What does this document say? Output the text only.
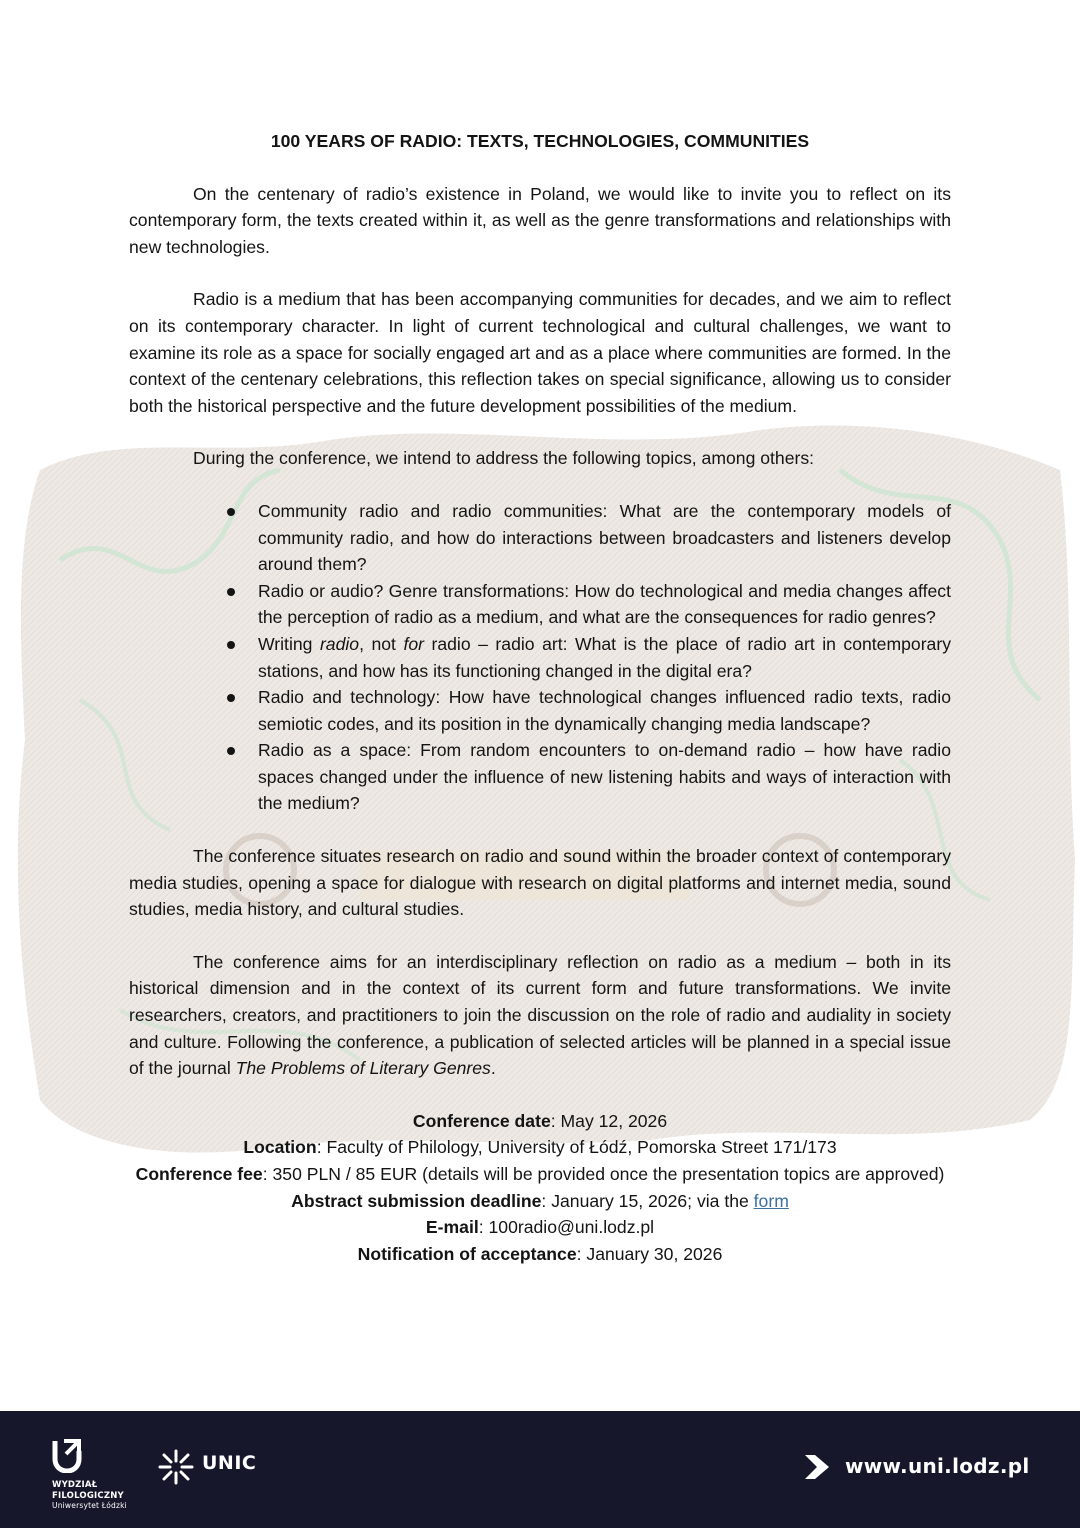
100 YEARS OF RADIO: TEXTS, TECHNOLOGIES, COMMUNITIES

On the centenary of radio’s existence in Poland, we would like to invite you to reflect on its contemporary form, the texts created within it, as well as the genre transformations and relationships with new technologies.

Radio is a medium that has been accompanying communities for decades, and we aim to reflect on its contemporary character. In light of current technological and cultural challenges, we want to examine its role as a space for socially engaged art and as a place where communities are formed. In the context of the centenary celebrations, this reflection takes on special significance, allowing us to consider both the historical perspective and the future development possibilities of the medium.

During the conference, we intend to address the following topics, among others:

Community radio and radio communities: What are the contemporary models of community radio, and how do interactions between broadcasters and listeners develop around them?
Radio or audio? Genre transformations: How do technological and media changes affect the perception of radio as a medium, and what are the consequences for radio genres?
Writing radio, not for radio – radio art: What is the place of radio art in contemporary stations, and how has its functioning changed in the digital era?
Radio and technology: How have technological changes influenced radio texts, radio semiotic codes, and its position in the dynamically changing media landscape?
Radio as a space: From random encounters to on-demand radio – how have radio spaces changed under the influence of new listening habits and ways of interaction with the medium?

The conference situates research on radio and sound within the broader context of contemporary media studies, opening a space for dialogue with research on digital platforms and internet media, sound studies, media history, and cultural studies.

The conference aims for an interdisciplinary reflection on radio as a medium – both in its historical dimension and in the context of its current form and future transformations. We invite researchers, creators, and practitioners to join the discussion on the role of radio and audiality in society and culture. Following the conference, a publication of selected articles will be planned in a special issue of the journal The Problems of Literary Genres.

Conference date: May 12, 2026
Location: Faculty of Philology, University of Łódź, Pomorska Street 171/173
Conference fee: 350 PLN / 85 EUR (details will be provided once the presentation topics are approved)
Abstract submission deadline: January 15, 2026; via the form
E-mail: 100radio@uni.lodz.pl
Notification of acceptance: January 30, 2026
WYDZIAŁ
FILOLOGICZNY
Uniwersytet Łódzki
UNIC	www.uni.lodz.pl
